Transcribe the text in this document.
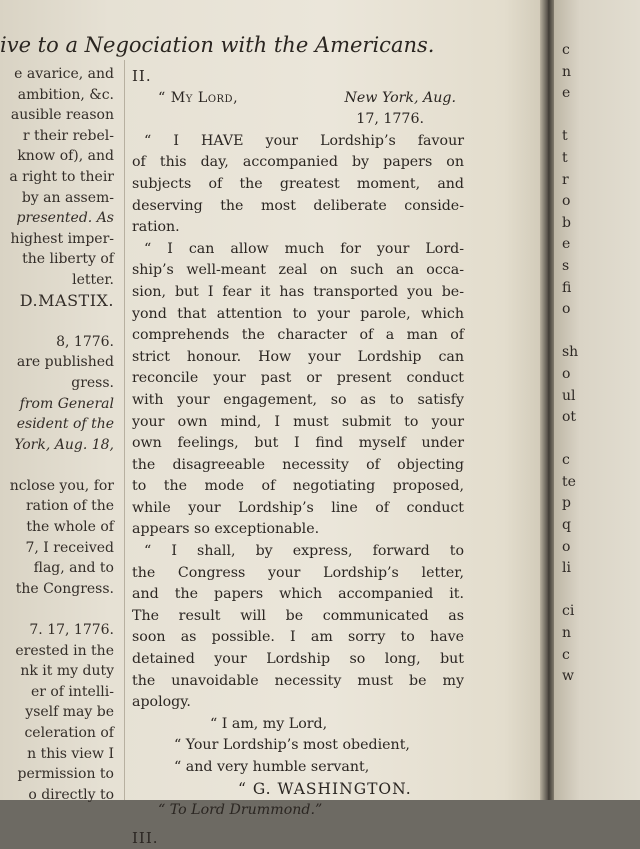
ive to a Negociation with the Americans.
e avarice, and
ambition, &c.
ausible reason
r their rebel-
know of), and
a right to their
by an assem-
presented. As
highest imper-
the liberty of
letter.
D.MASTIX.
8, 1776.
are published
gress.
from General
esident of the
York, Aug. 18,
nclose you, for
ration of the
the whole of
7, I received
flag, and to
the Congress.
7. 17, 1776.
erested in the
nk it my duty
er of intelli-
yself may be
celeration of
n this view I
permission to
o directly to
II.
“ My Lord,	New York, Aug.
17, 1776.
“ I HAVE your Lordship’s favour
of this day, accompanied by papers on
subjects of the greatest moment, and
deserving the most deliberate conside-
ration.
“ I can allow much for your Lord-
ship’s well-meant zeal on such an occa-
sion, but I fear it has transported you be-
yond that attention to your parole, which
comprehends the character of a man of
strict honour. How your Lordship can
reconcile your past or present conduct
with your engagement, so as to satisfy
your own mind, I must submit to your
own feelings, but I find myself under
the disagreeable necessity of objecting
to the mode of negotiating proposed,
while your Lordship’s line of conduct
appears so exceptionable.
“ I shall, by express, forward to
the Congress your Lordship’s letter,
and the papers which accompanied it.
The result will be communicated as
soon as possible. I am sorry to have
detained your Lordship so long, but
the unavoidable necessity must be my
apology.
“ I am, my Lord,
“ Your Lordship’s most obedient,
“ and very humble servant,
“ G. WASHINGTON.
“ To Lord Drummond.”
III.
c
n
e
t
t
r
o
b
e
s
fi
o
sh
o
ul
ot
c
te
p
q
o
li
ci
n
c
w
